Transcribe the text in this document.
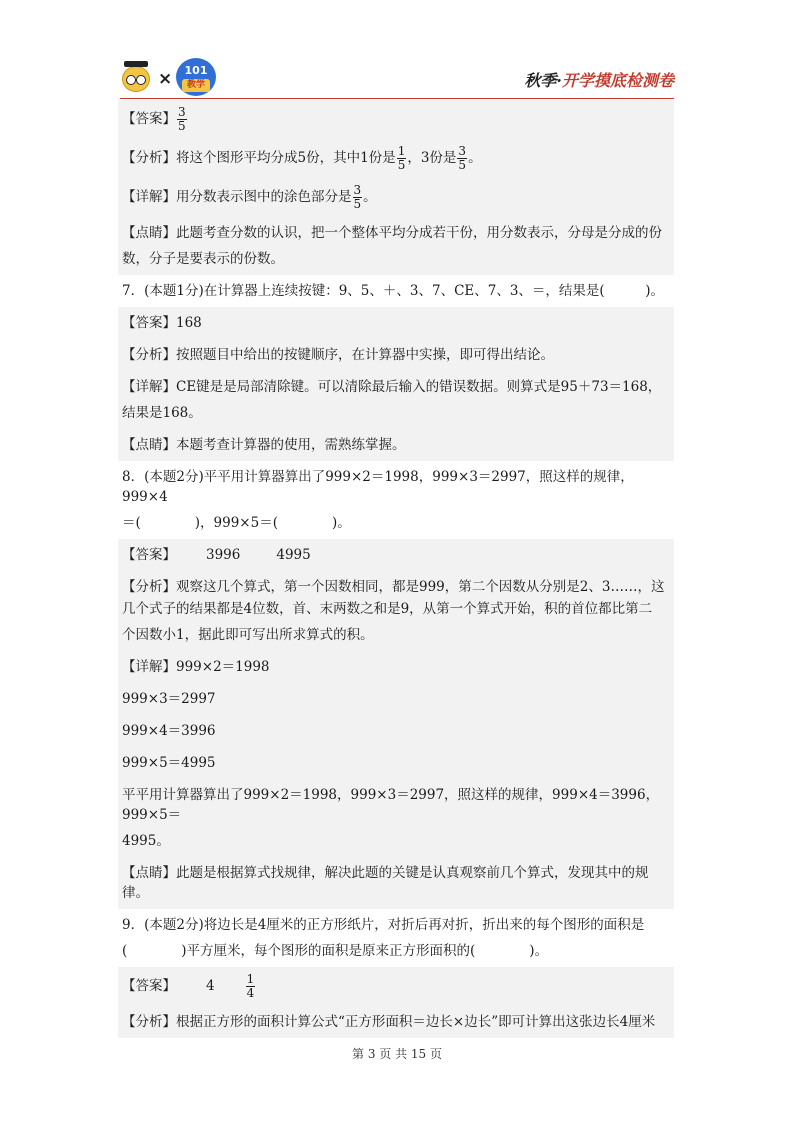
×	101
教学	秋季·开学摸底检测卷
【答案】 $\frac{3}{5}$
【分析】将这个图形平均分成5份，其中1份是 $\frac{1}{5}$ ，3份是 $\frac{3}{5}$ 。
【详解】用分数表示图中的涂色部分是 $\frac{3}{5}$ 。
【点睛】此题考查分数的认识，把一个整体平均分成若干份，用分数表示，分母是分成的份
数，分子是要表示的份数。
7．(本题1分)在计算器上连续按键：9、5、＋、3、7、CE、7、3、＝，结果是(　　　)。
【答案】168
【分析】按照题目中给出的按键顺序，在计算器中实操，即可得出结论。
【详解】CE键是是局部清除键。可以清除最后输入的错误数据。则算式是95＋73＝168，
结果是168。
【点睛】本题考查计算器的使用，需熟练掌握。
8．(本题2分)平平用计算器算出了999×2＝1998，999×3＝2997，照这样的规律，999×4
＝(　　　　)，999×5＝(　　　　)。
【答案】 3996	4995
【分析】观察这几个算式，第一个因数相同，都是999，第二个因数从分别是2、3……，这
几个式子的结果都是4位数，首、末两数之和是9，从第一个算式开始，积的首位都比第二
个因数小1，据此即可写出所求算式的积。
【详解】999×2＝1998
999×3＝2997
999×4＝3996
999×5＝4995
平平用计算器算出了999×2＝1998，999×3＝2997，照这样的规律，999×4＝3996，999×5＝
4995。
【点睛】此题是根据算式找规律，解决此题的关键是认真观察前几个算式，发现其中的规律。
9．(本题2分)将边长是4厘米的正方形纸片，对折后再对折，折出来的每个图形的面积是
(　　　　)平方厘米，每个图形的面积是原来正方形面积的(　　　　)。
【答案】 4	$\frac{1}{4}$
【分析】根据正方形的面积计算公式“正方形面积＝边长×边长”即可计算出这张边长4厘米
第 3 页 共 15 页
